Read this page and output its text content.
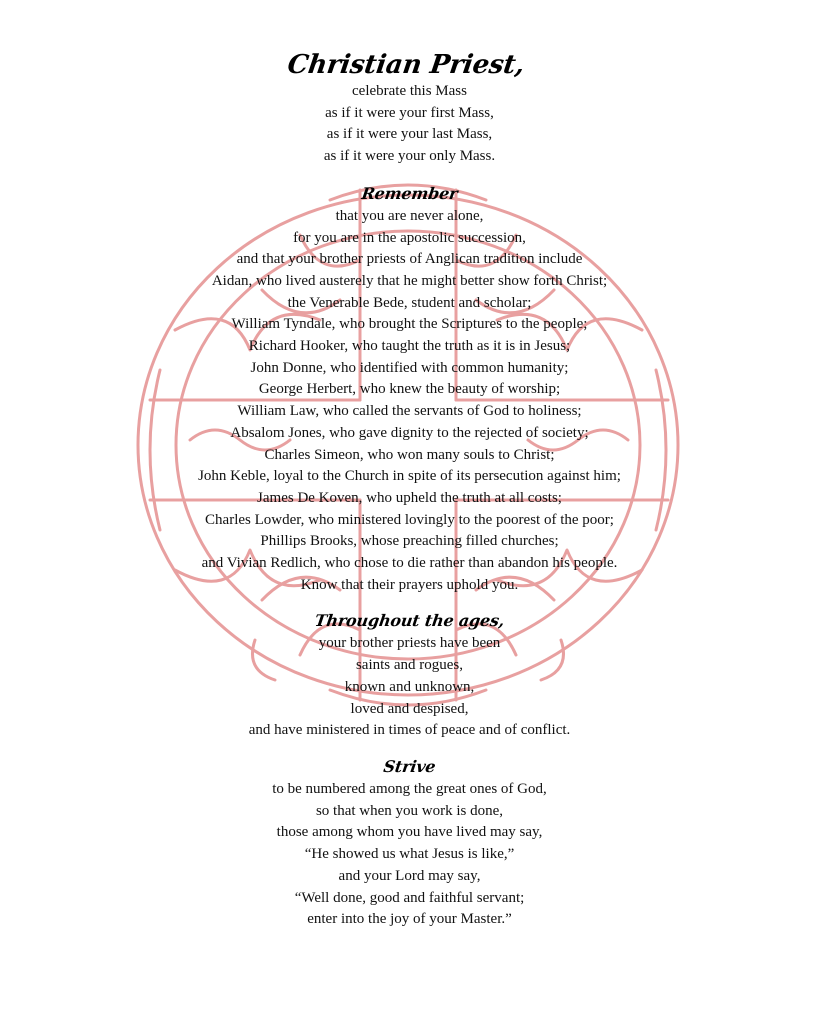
Christian Priest,
celebrate this Mass
as if it were your first Mass,
as if it were your last Mass,
as if it were your only Mass.
Remember
that you are never alone,
for you are in the apostolic succession,
and that your brother priests of Anglican tradition include
Aidan, who lived austerely that he might better show forth Christ;
the Venerable Bede, student and scholar;
William Tyndale, who brought the Scriptures to the people;
Richard Hooker, who taught the truth as it is in Jesus;
John Donne, who identified with common humanity;
George Herbert, who knew the beauty of worship;
William Law, who called the servants of God to holiness;
Absalom Jones, who gave dignity to the rejected of society;
Charles Simeon, who won many souls to Christ;
John Keble, loyal to the Church in spite of its persecution against him;
James De Koven, who upheld the truth at all costs;
Charles Lowder, who ministered lovingly to the poorest of the poor;
Phillips Brooks, whose preaching filled churches;
and Vivian Redlich, who chose to die rather than abandon his people.
Know that their prayers uphold you.
Throughout the ages,
your brother priests have been
saints and rogues,
known and unknown,
loved and despised,
and have ministered in times of peace and of conflict.
Strive
to be numbered among the great ones of God,
so that when you work is done,
those among whom you have lived may say,
“He showed us what Jesus is like,”
and your Lord may say,
“Well done, good and faithful servant;
enter into the joy of your Master.”
